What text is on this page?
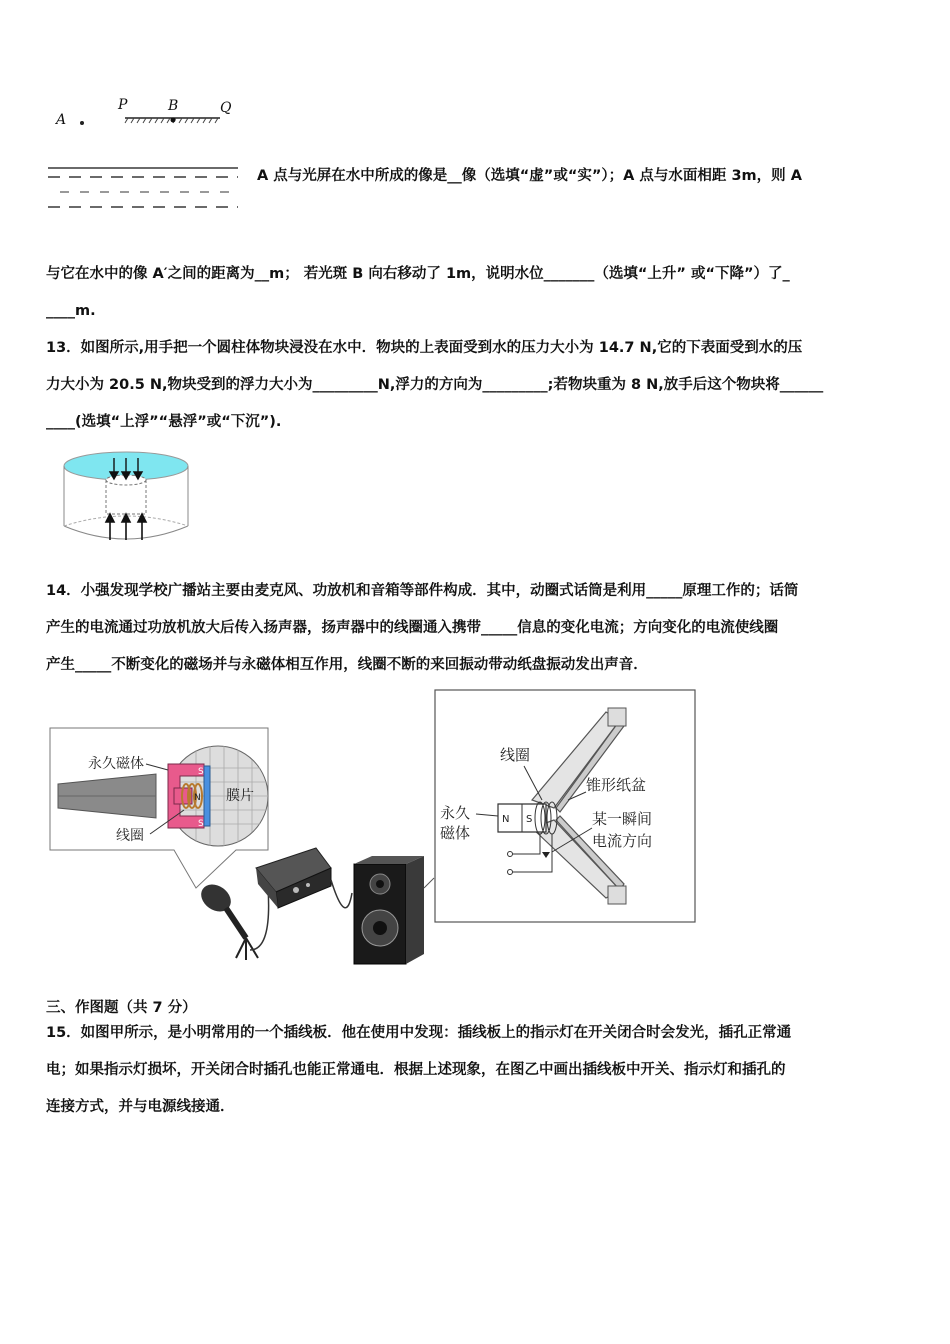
A
P	B	Q
A 点与光屏在水中所成的像是__像（选填“虚”或“实”）；A 点与水面相距 3m，则 A
与它在水中的像 A′之间的距离为__m； 若光斑 B 向右移动了 1m，说明水位_______（选填“上升” 或“下降”）了_
____m.
13．如图所示,用手把一个圆柱体物块浸没在水中．物块的上表面受到水的压力大小为 14.7 N,它的下表面受到水的压
力大小为 20.5 N,物块受到的浮力大小为_________N,浮力的方向为_________;若物块重为 8 N,放手后这个物块将______
____(选填“上浮”“悬浮”或“下沉”).
14．小强发现学校广播站主要由麦克风、功放机和音箱等部件构成．其中，动圈式话筒是利用_____原理工作的；话筒
产生的电流通过功放机放大后传入扬声器，扬声器中的线圈通入携带_____信息的变化电流；方向变化的电流使线圈
产生_____不断变化的磁场并与永磁体相互作用，线圈不断的来回振动带动纸盘振动发出声音．
S
S
N
永久磁体
线圈
膜片
N S
线圈
锥形纸盆
永久
磁体
某一瞬间
电流方向
三、作图题（共 7 分）
15．如图甲所示，是小明常用的一个插线板．他在使用中发现：插线板上的指示灯在开关闭合时会发光，插孔正常通
电；如果指示灯损坏，开关闭合时插孔也能正常通电．根据上述现象，在图乙中画出插线板中开关、指示灯和插孔的
连接方式，并与电源线接通．
